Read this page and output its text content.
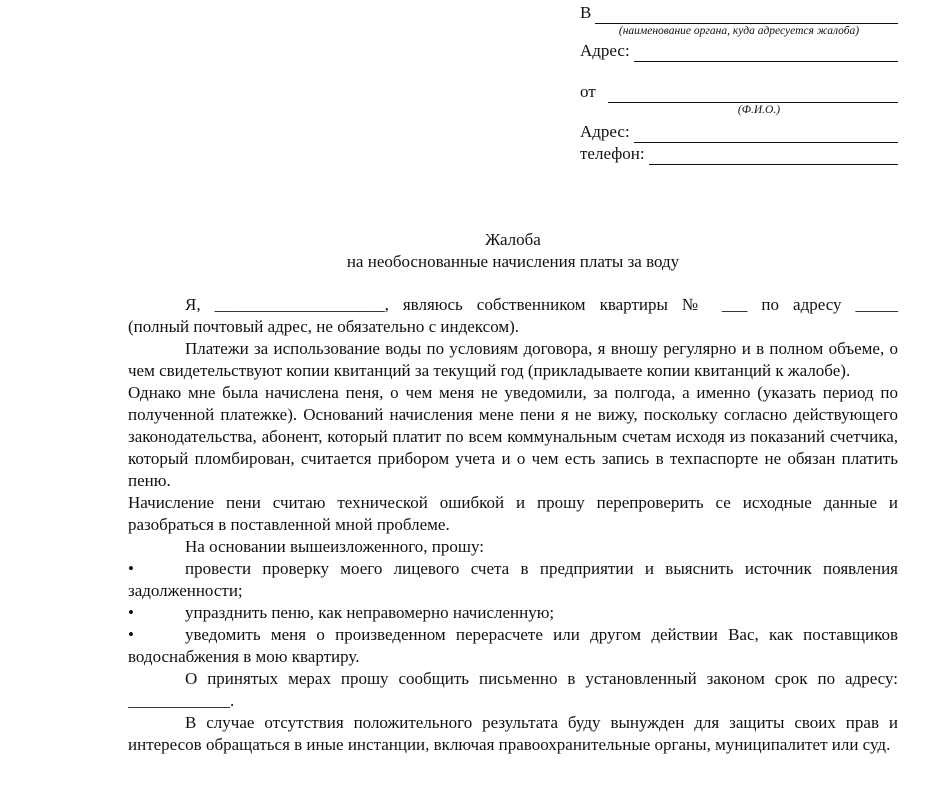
В
(наименование органа, куда адресуется жалоба)
Адрес:
от
(Ф.И.О.)
Адрес:
телефон:
Жалоба
на необоснованные начисления платы за воду

Я, ____________________, являюсь собственником квартиры № ___ по адресу _____

(полный почтовый адрес, не обязательно с индексом).

Платежи за использование воды по условиям договора, я вношу регулярно и в полном объеме, о чем свидетельствуют копии квитанций за текущий год (прикладываете копии квитанций к жалобе).

Однако мне была начислена пеня, о чем меня не уведомили, за полгода, а именно (указать период по полученной платежке). Оснований начисления мене пени я не вижу, поскольку согласно действующего законодательства, абонент, который платит по всем коммунальным счетам исходя из показаний счетчика, который пломбирован, считается прибором учета и о чем есть запись в техпаспорте не обязан платить пеню.

Начисление пени считаю технической ошибкой и прошу перепроверить се исходные данные и разобраться в поставленной мной проблеме.

На основании вышеизложенного, прошу:

•	провести проверку моего лицевого счета в предприятии и выяснить источник появления задолженности;
•	упразднить пеню, как неправомерно начисленную;
•	уведомить меня о произведенном перерасчете или другом действии Вас, как поставщиков водоснабжения в мою квартиру.

О принятых мерах прошу сообщить письменно в установленный законом срок по адресу: ____________.

В случае отсутствия положительного результата буду вынужден для защиты своих прав и интересов обращаться в иные инстанции, включая правоохранительные органы, муниципалитет или суд.
